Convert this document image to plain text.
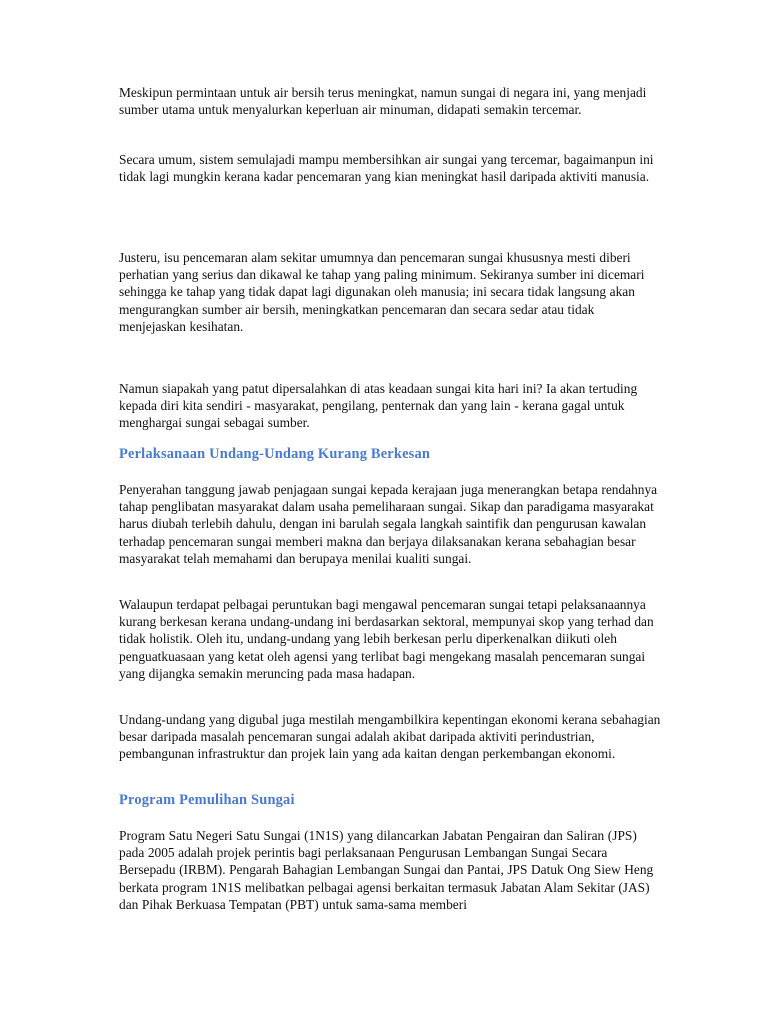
Meskipun permintaan untuk air bersih terus meningkat, namun sungai di negara ini, yang menjadi sumber utama untuk menyalurkan keperluan air minuman, didapati semakin tercemar.

Secara umum, sistem semulajadi mampu membersihkan air sungai yang tercemar, bagaimanpun ini tidak lagi mungkin kerana kadar pencemaran yang kian meningkat hasil daripada aktiviti manusia.

Justeru, isu pencemaran alam sekitar umumnya dan pencemaran sungai khususnya mesti diberi perhatian yang serius dan dikawal ke tahap yang paling minimum. Sekiranya sumber ini dicemari sehingga ke tahap yang tidak dapat lagi digunakan oleh manusia; ini secara tidak langsung akan mengurangkan sumber air bersih, meningkatkan pencemaran dan secara sedar atau tidak menjejaskan kesihatan.

Namun siapakah yang patut dipersalahkan di atas keadaan sungai kita hari ini? Ia akan tertuding kepada diri kita sendiri - masyarakat, pengilang, penternak dan yang lain - kerana gagal untuk menghargai sungai sebagai sumber.

Perlaksanaan Undang-Undang Kurang Berkesan

Penyerahan tanggung jawab penjagaan sungai kepada kerajaan juga menerangkan betapa rendahnya tahap penglibatan masyarakat dalam usaha pemeliharaan sungai. Sikap dan paradigama masyarakat harus diubah terlebih dahulu, dengan ini barulah segala langkah saintifik dan pengurusan kawalan terhadap pencemaran sungai memberi makna dan berjaya dilaksanakan kerana sebahagian besar masyarakat telah memahami dan berupaya menilai kualiti sungai.

Walaupun terdapat pelbagai peruntukan bagi mengawal pencemaran sungai tetapi pelaksanaannya kurang berkesan kerana undang-undang ini berdasarkan sektoral, mempunyai skop yang terhad dan tidak holistik. Oleh itu, undang-undang yang lebih berkesan perlu diperkenalkan diikuti oleh penguatkuasaan yang ketat oleh agensi yang terlibat bagi mengekang masalah pencemaran sungai yang dijangka semakin meruncing pada masa hadapan.

Undang-undang yang digubal juga mestilah mengambilkira kepentingan ekonomi kerana sebahagian besar daripada masalah pencemaran sungai adalah akibat daripada aktiviti perindustrian, pembangunan infrastruktur dan projek lain yang ada kaitan dengan perkembangan ekonomi.

Program Pemulihan Sungai

Program Satu Negeri Satu Sungai (1N1S) yang dilancarkan Jabatan Pengairan dan Saliran (JPS) pada 2005 adalah projek perintis bagi perlaksanaan Pengurusan Lembangan Sungai Secara Bersepadu (IRBM). Pengarah Bahagian Lembangan Sungai dan Pantai, JPS Datuk Ong Siew Heng berkata program 1N1S melibatkan pelbagai agensi berkaitan termasuk Jabatan Alam Sekitar (JAS) dan Pihak Berkuasa Tempatan (PBT) untuk sama-sama memberi
